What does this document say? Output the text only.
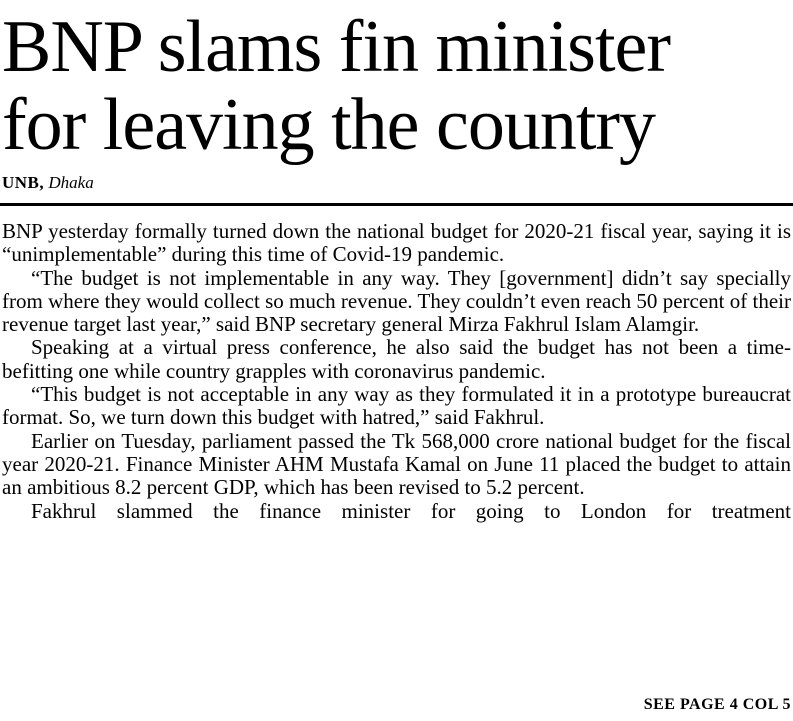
BNP slams fin minister
for leaving the country
UNB, Dhaka

BNP yesterday formally turned down the national budget for 2020-21 fiscal year, saying it is “unimplementable” during this time of Covid-19 pandemic.

“The budget is not implementable in any way. They [government] didn’t say specially from where they would collect so much revenue. They couldn’t even reach 50 percent of their revenue target last year,” said BNP secretary general Mirza Fakhrul Islam Alamgir.

Speaking at a virtual press conference, he also said the budget has not been a time-befitting one while country grapples with coronavirus pandemic.

“This budget is not acceptable in any way as they formulated it in a prototype bureaucrat format. So, we turn down this budget with hatred,” said Fakhrul.

Earlier on Tuesday, parliament passed the Tk 568,000 crore national budget for the fiscal year 2020-21. Finance Minister AHM Mustafa Kamal on June 11 placed the budget to attain an ambitious 8.2 percent GDP, which has been revised to 5.2 percent.

Fakhrul slammed the finance minister for going to London for treatment

SEE PAGE 4 COL 5
